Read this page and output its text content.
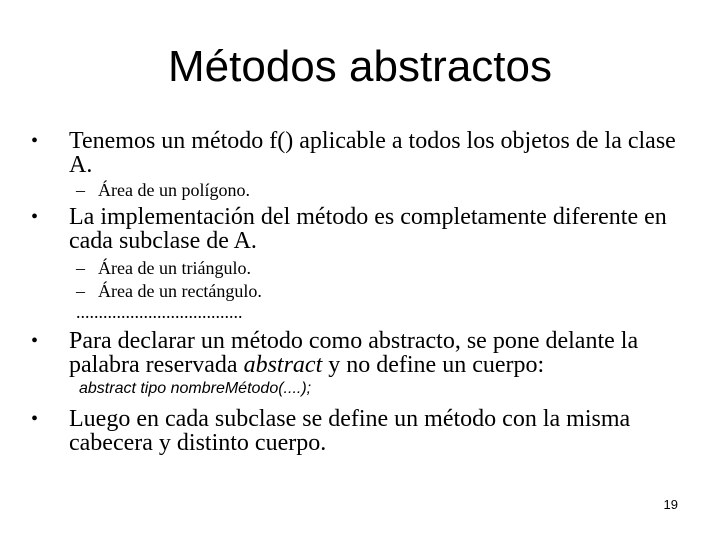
Métodos abstractos
• Tenemos un método f() aplicable a todos los objetos de la clase A.
– Área de un polígono.
• La implementación del método es completamente diferente en cada subclase de A.
– Área de un triángulo.
– Área de un rectángulo.
.....................................
• Para declarar un método como abstracto, se pone delante la palabra reservada abstract y no define un cuerpo:
abstract tipo nombreMétodo(....);
• Luego en cada subclase se define un método con la misma cabecera y distinto cuerpo.
19
